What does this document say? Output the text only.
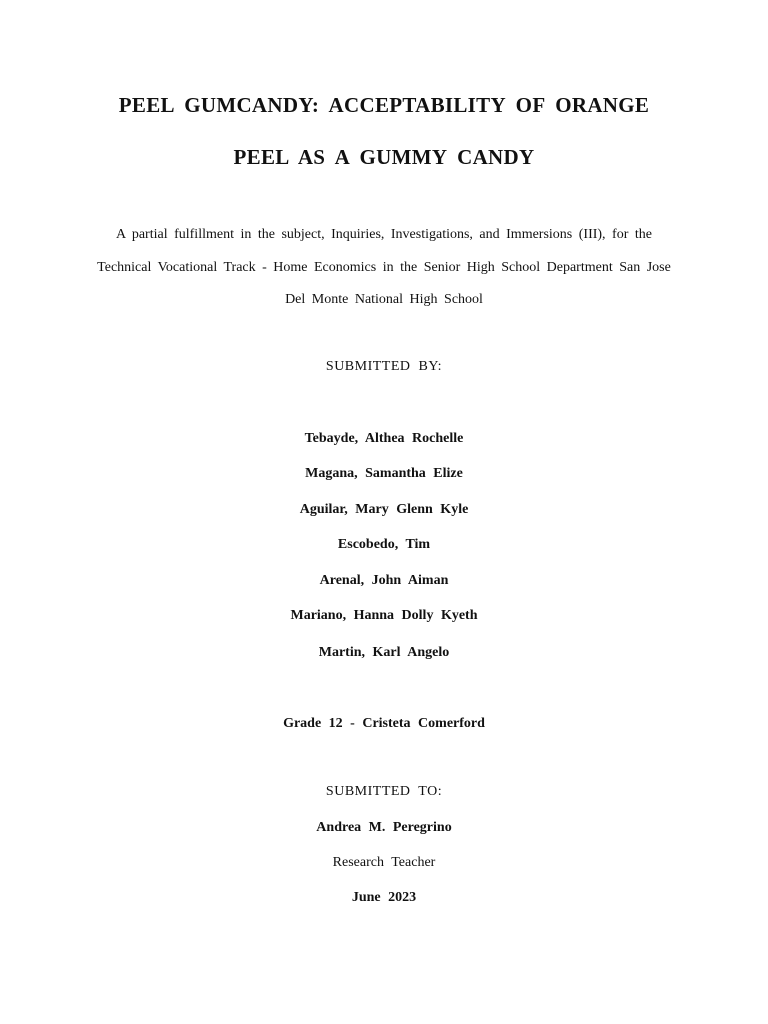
PEEL GUMCANDY: ACCEPTABILITY OF ORANGE
PEEL AS A GUMMY CANDY
A partial fulfillment in the subject, Inquiries, Investigations, and Immersions (III), for the
Technical Vocational Track - Home Economics in the Senior High School Department San Jose
Del Monte National High School
SUBMITTED BY:
Tebayde, Althea Rochelle
Magana, Samantha Elize
Aguilar, Mary Glenn Kyle
Escobedo, Tim
Arenal, John Aiman
Mariano, Hanna Dolly Kyeth
Martin, Karl Angelo
Grade 12 - Cristeta Comerford
SUBMITTED TO:
Andrea M. Peregrino
Research Teacher
June 2023
